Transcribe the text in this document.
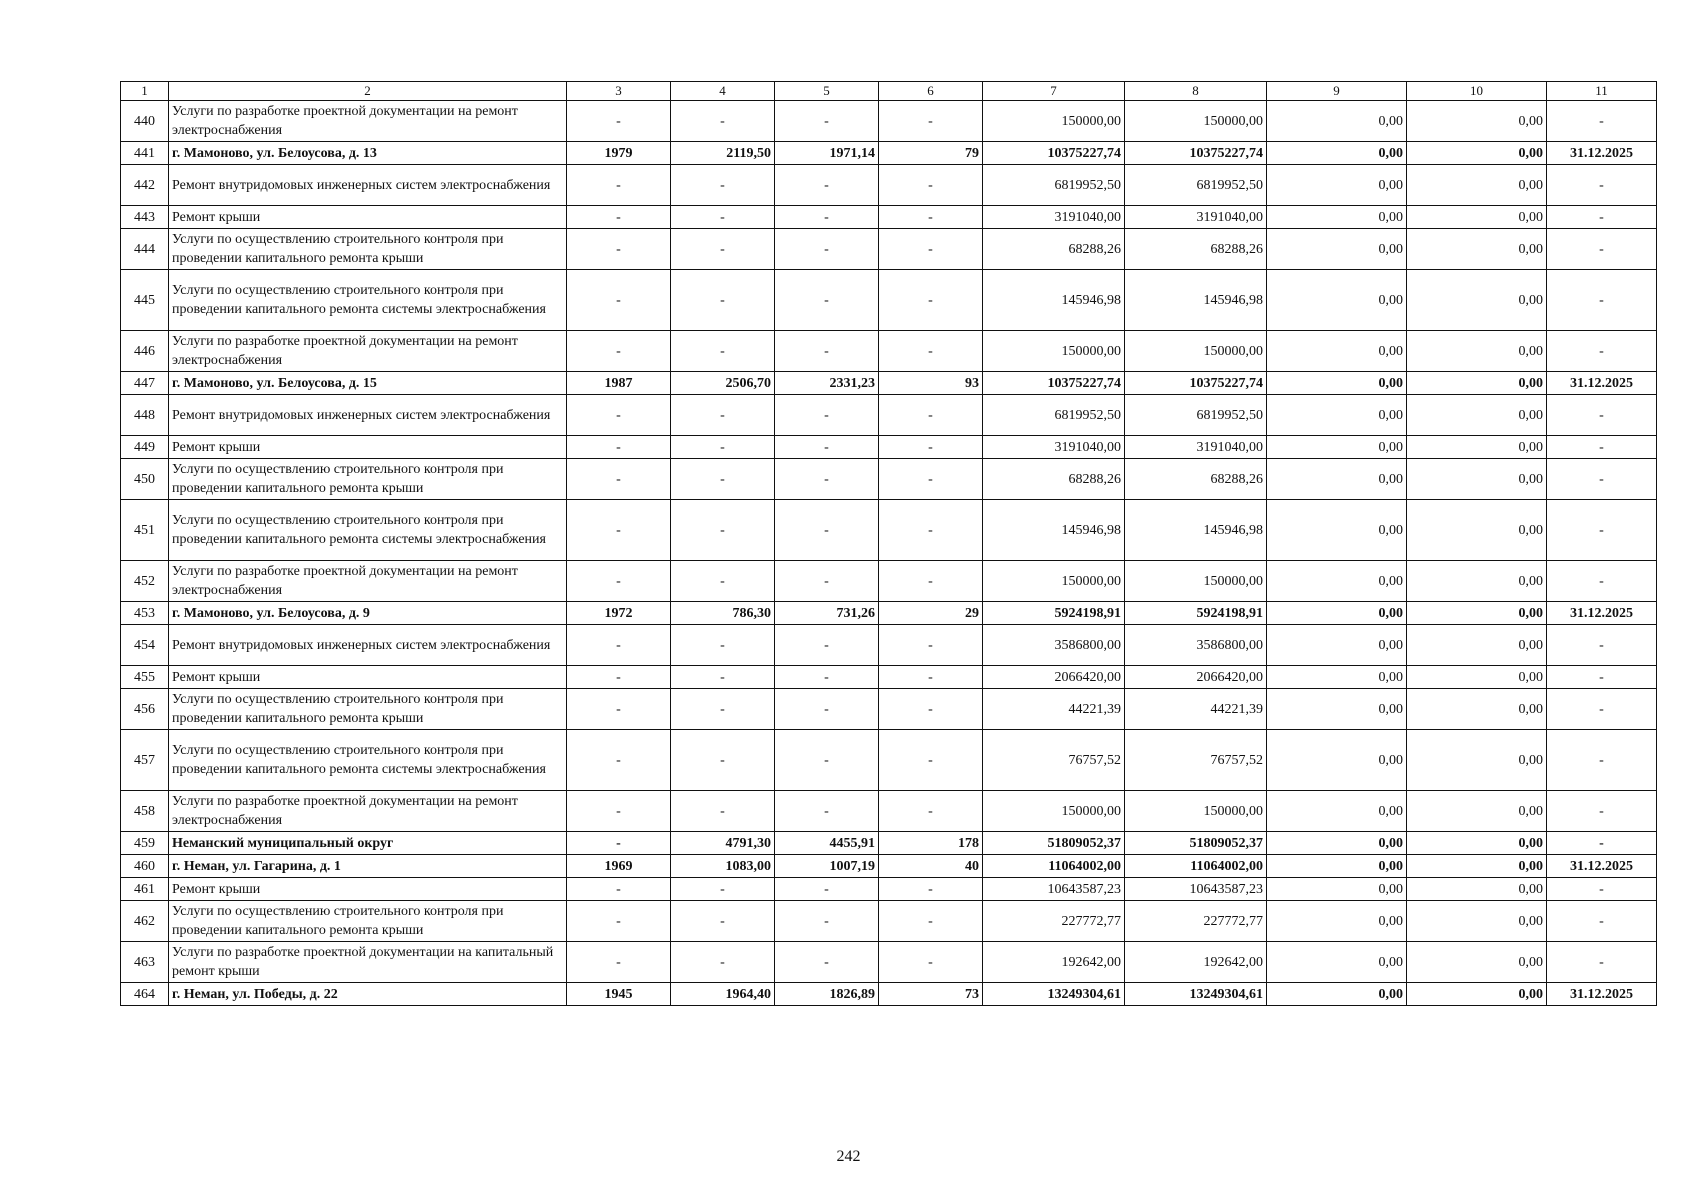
1	2	3	4	5	6	7	8	9	10	11
440	Услуги по разработке проектной документации на ремонт электроснабжения	-	-	-	-	150000,00	150000,00	0,00	0,00	-
441	г. Мамоново, ул. Белоусова, д. 13	1979	2119,50	1971,14	79	10375227,74	10375227,74	0,00	0,00	31.12.2025
442	Ремонт внутридомовых инженерных систем электроснабжения	-	-	-	-	6819952,50	6819952,50	0,00	0,00	-
443	Ремонт крыши	-	-	-	-	3191040,00	3191040,00	0,00	0,00	-
444	Услуги по осуществлению строительного контроля при проведении капитального ремонта крыши	-	-	-	-	68288,26	68288,26	0,00	0,00	-
445	Услуги по осуществлению строительного контроля при проведении капитального ремонта системы электроснабжения	-	-	-	-	145946,98	145946,98	0,00	0,00	-
446	Услуги по разработке проектной документации на ремонт электроснабжения	-	-	-	-	150000,00	150000,00	0,00	0,00	-
447	г. Мамоново, ул. Белоусова, д. 15	1987	2506,70	2331,23	93	10375227,74	10375227,74	0,00	0,00	31.12.2025
448	Ремонт внутридомовых инженерных систем электроснабжения	-	-	-	-	6819952,50	6819952,50	0,00	0,00	-
449	Ремонт крыши	-	-	-	-	3191040,00	3191040,00	0,00	0,00	-
450	Услуги по осуществлению строительного контроля при проведении капитального ремонта крыши	-	-	-	-	68288,26	68288,26	0,00	0,00	-
451	Услуги по осуществлению строительного контроля при проведении капитального ремонта системы электроснабжения	-	-	-	-	145946,98	145946,98	0,00	0,00	-
452	Услуги по разработке проектной документации на ремонт электроснабжения	-	-	-	-	150000,00	150000,00	0,00	0,00	-
453	г. Мамоново, ул. Белоусова, д. 9	1972	786,30	731,26	29	5924198,91	5924198,91	0,00	0,00	31.12.2025
454	Ремонт внутридомовых инженерных систем электроснабжения	-	-	-	-	3586800,00	3586800,00	0,00	0,00	-
455	Ремонт крыши	-	-	-	-	2066420,00	2066420,00	0,00	0,00	-
456	Услуги по осуществлению строительного контроля при проведении капитального ремонта крыши	-	-	-	-	44221,39	44221,39	0,00	0,00	-
457	Услуги по осуществлению строительного контроля при проведении капитального ремонта системы электроснабжения	-	-	-	-	76757,52	76757,52	0,00	0,00	-
458	Услуги по разработке проектной документации на ремонт электроснабжения	-	-	-	-	150000,00	150000,00	0,00	0,00	-
459	Неманский муниципальный округ	-	4791,30	4455,91	178	51809052,37	51809052,37	0,00	0,00	-
460	г. Неман, ул. Гагарина, д. 1	1969	1083,00	1007,19	40	11064002,00	11064002,00	0,00	0,00	31.12.2025
461	Ремонт крыши	-	-	-	-	10643587,23	10643587,23	0,00	0,00	-
462	Услуги по осуществлению строительного контроля при проведении капитального ремонта крыши	-	-	-	-	227772,77	227772,77	0,00	0,00	-
463	Услуги по разработке проектной документации на капитальный ремонт крыши	-	-	-	-	192642,00	192642,00	0,00	0,00	-
464	г. Неман, ул. Победы, д. 22	1945	1964,40	1826,89	73	13249304,61	13249304,61	0,00	0,00	31.12.2025
242
